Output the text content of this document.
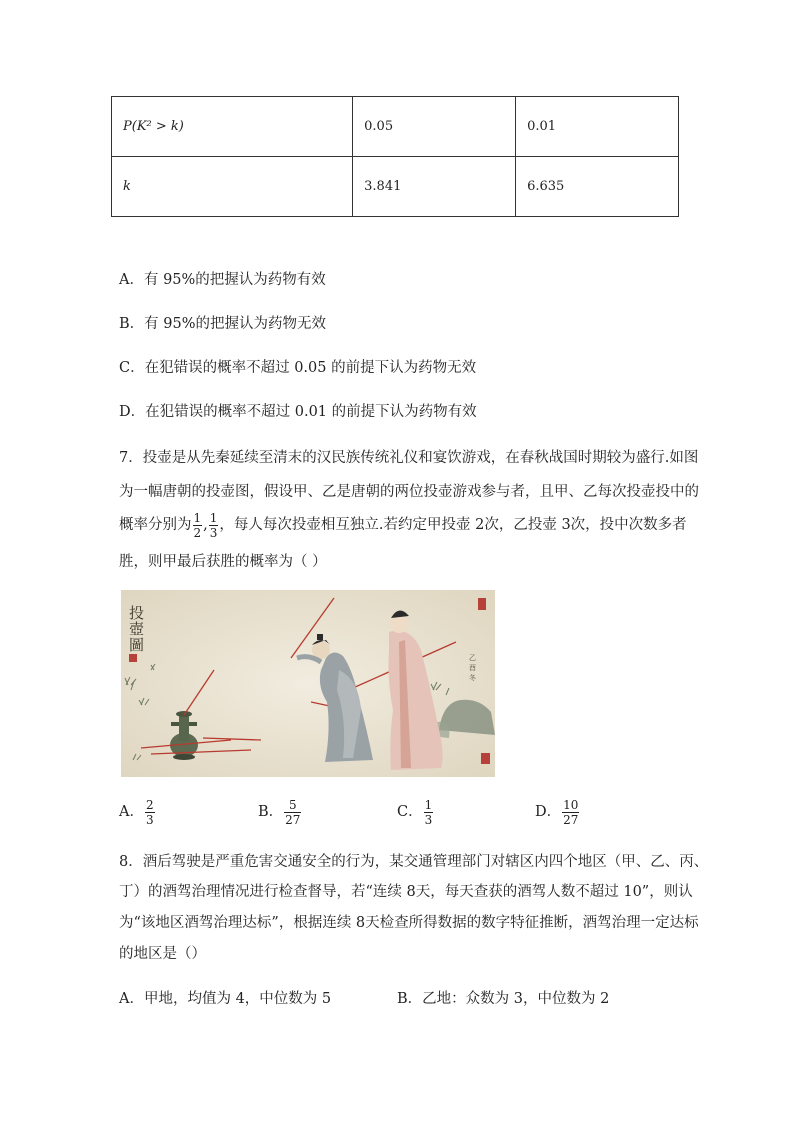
P(K² > k)	0.05	0.01
k	3.841	6.635
A．有 95%的把握认为药物有效
B．有 95%的把握认为药物无效
C．在犯错误的概率不超过 0.05 的前提下认为药物无效
D．在犯错误的概率不超过 0.01 的前提下认为药物有效
7．投壶是从先秦延续至清末的汉民族传统礼仪和宴饮游戏，在春秋战国时期较为盛行.如图
为一幅唐朝的投壶图，假设甲、乙是唐朝的两位投壶游戏参与者，且甲、乙每次投壶投中的
概率分别为 $\frac{1}{2}$ , $\frac{1}{3}$ ，每人每次投壶相互独立.若约定甲投壶 2次，乙投壶 3次，投中次数多者
胜，则甲最后获胜的概率为（ ）
投
壺
圖
乙
酉
冬
A． $\frac{2}{3}$	B． $\frac{5}{27}$	C． $\frac{1}{3}$	D． $\frac{10}{27}$
8．酒后驾驶是严重危害交通安全的行为，某交通管理部门对辖区内四个地区（甲、乙、丙、
丁）的酒驾治理情况进行检查督导，若“连续 8天，每天查获的酒驾人数不超过 10”，则认
为“该地区酒驾治理达标”，根据连续 8天检查所得数据的数字特征推断，酒驾治理一定达标
的地区是（）
A．甲地，均值为 4，中位数为 5	B．乙地：众数为 3，中位数为 2
